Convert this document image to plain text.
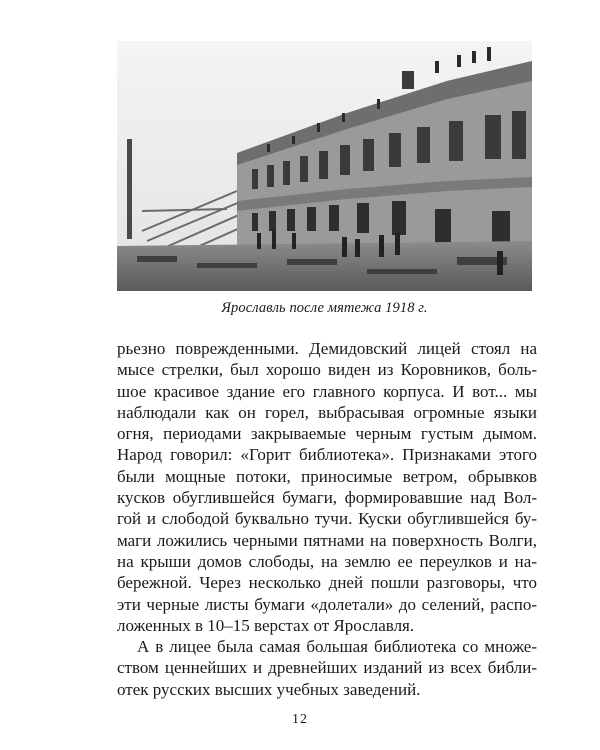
Ярославль после мятежа 1918 г.
рьезно поврежденными. Демидовский лицей стоял на
мысе стрелки, был хорошо виден из Коровников, боль-
шое красивое здание его главного корпуса. И вот... мы
наблюдали как он горел, выбрасывая огромные языки
огня, периодами закрываемые черным густым дымом.
Народ говорил: «Горит библиотека». Признаками этого
были мощные потоки, приносимые ветром, обрывков
кусков обуглившейся бумаги, формировавшие над Вол-
гой и слободой буквально тучи. Куски обуглившейся бу-
маги ложились черными пятнами на поверхность Волги,
на крыши домов слободы, на землю ее переулков и на-
бережной. Через несколько дней пошли разговоры, что
эти черные листы бумаги «долетали» до селений, распо-
ложенных в 10–15 верстах от Ярославля.
А в лицее была самая большая библиотека со множе-
ством ценнейших и древнейших изданий из всех библи-
отек русских высших учебных заведений.
12
